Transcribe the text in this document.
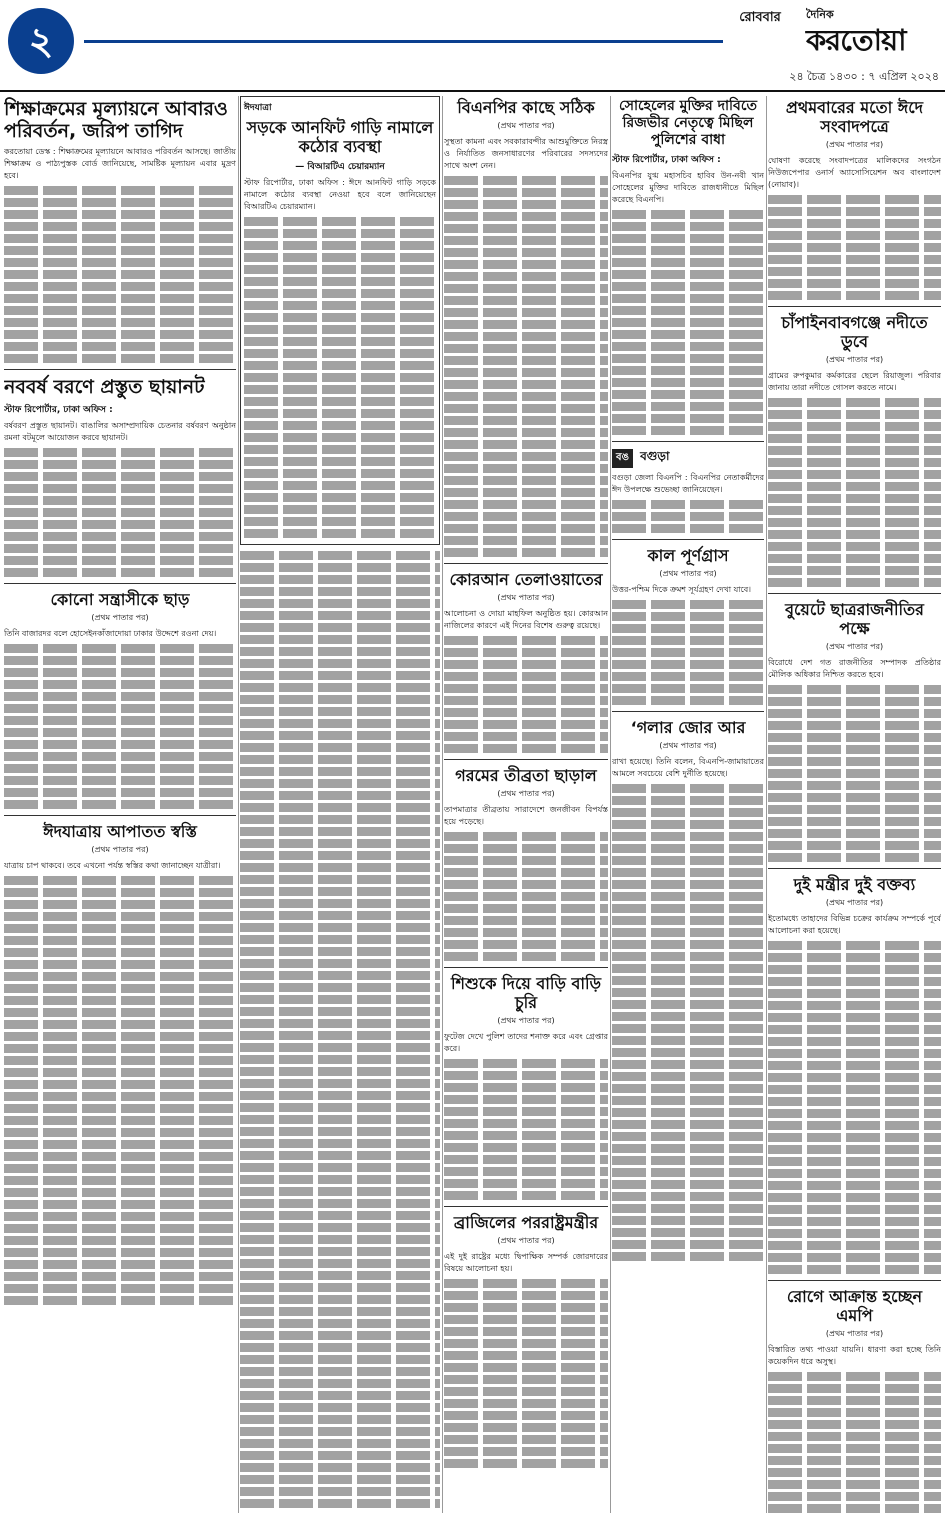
২
রোববার	দৈনিক
করতোয়া
২৪ চৈত্র ১৪৩০ : ৭ এপ্রিল ২০২৪
শিক্ষাক্রমের মূল্যায়নে আবারও পরিবর্তন, জরিপ তাগিদ

করতোয়া ডেস্ক : শিক্ষাক্রমের মূল্যায়নে আবারও পরিবর্তন আসছে। জাতীয় শিক্ষাক্রম ও পাঠ্যপুস্তক বোর্ড জানিয়েছে, সামষ্টিক মূল্যায়ন এবার মুদ্রণ হবে।

নববর্ষ বরণে প্রস্তুত ছায়ানট
স্টাফ রিপোর্টার, ঢাকা অফিস :

বর্ষবরণ প্রস্তুত ছায়ানট। বাঙালির অসাম্প্রদায়িক চেতনার বর্ষবরণ অনুষ্ঠান রমনা বটমূলে আয়োজন করবে ছায়ানট।

কোনো সন্ত্রাসীকে ছাড়
(প্রথম পাতার পর)

তিনি বাজারদর বলে হোসেইনকাঁজাদোয়া ঢাকার উদ্দেশে রওনা দেয়।

ঈদযাত্রায় আপাতত স্বস্তি
(প্রথম পাতার পর)

যাত্রায় চাপ থাকবে। তবে এখনো পর্যন্ত স্বস্তির কথা জানাচ্ছেন যাত্রীরা।

ঈদযাত্রা
সড়কে আনফিট গাড়ি নামালে কঠোর ব্যবস্থা
— বিআরটিএ চেয়ারম্যান

স্টাফ রিপোর্টার, ঢাকা অফিস : ঈদে আনফিট গাড়ি সড়কে নামালে কঠোর ব্যবস্থা নেওয়া হবে বলে জানিয়েছেন বিআরটিএ চেয়ারম্যান।

বিএনপির কাছে সঠিক
(প্রথম পাতার পর)

সুস্থতা কামনা এবং সবকারাবন্দীর আশুমুক্তিতে নিরস্ত্র ও নির্যাতিত জনসাধারণের পরিবারের সদস্যদের সাথে অংশ নেন।

কোরআন তেলাওয়াতের
(প্রথম পাতার পর)

আলোচনা ও দোয়া মাহফিল অনুষ্ঠিত হয়। কোরআন নাজিলের কারণে এই দিনের বিশেষ গুরুত্ব রয়েছে।

গরমের তীব্রতা ছাড়াল
(প্রথম পাতার পর)

তাপমাত্রার তীব্রতায় সারাদেশে জনজীবন বিপর্যস্ত হয়ে পড়েছে।

শিশুকে দিয়ে বাড়ি বাড়ি চুরি
(প্রথম পাতার পর)

ফুটেজ দেখে পুলিশ তাদের শনাক্ত করে এবং গ্রেপ্তার করে।

ব্রাজিলের পররাষ্ট্রমন্ত্রীর
(প্রথম পাতার পর)

এই দুই রাষ্ট্রের মধ্যে দ্বিপাক্ষিক সম্পর্ক জোরদারের বিষয়ে আলোচনা হয়।

সোহেলের মুক্তির দাবিতে রিজভীর নেতৃত্বে মিছিল পুলিশের বাধা
স্টাফ রিপোর্টার, ঢাকা অফিস :

বিএনপির যুগ্ম মহাসচিব হাবিব উন-নবী খান সোহেলের মুক্তির দাবিতে রাজধানীতে মিছিল করেছে বিএনপি।

বঙ বগুড়া

বগুড়া জেলা বিএনপি : বিএনপির নেতাকর্মীদের ঈদ উপলক্ষে শুভেচ্ছা জানিয়েছেন।

কাল পূর্ণগ্রাস
(প্রথম পাতার পর)

উত্তর-পশ্চিম দিকে ক্রমশ সূর্যগ্রহণ দেখা যাবে।

‘গলার জোর আর
(প্রথম পাতার পর)

রাখা হয়েছে। তিনি বলেন, বিএনপি-জামায়াতের আমলে সবচেয়ে বেশি দুর্নীতি হয়েছে।

প্রথমবারের মতো ঈদে সংবাদপত্রে
(প্রথম পাতার পর)

ঘোষণা করেছে সংবাদপত্রের মালিকদের সংগঠন নিউজপেপার ওনার্স অ্যাসোসিয়েশন অব বাংলাদেশ (নোয়াব)।

চাঁপাইনবাবগঞ্জে নদীতে ডুবে
(প্রথম পাতার পর)

গ্রামের রুপকুমার কর্মকারের ছেলে রিয়াজুল। পরিবার জানায় তারা নদীতে গোসল করতে নামে।

বুয়েটে ছাত্ররাজনীতির পক্ষে
(প্রথম পাতার পর)

বিরোধে দেশ গত রাজনীতির সম্পাদক প্রতিষ্ঠার মৌলিক অধিকার নিশ্চিত করতে হবে।

দুই মন্ত্রীর দুই বক্তব্য
(প্রথম পাতার পর)

ইতোমধ্যে তাহাদের বিভিন্ন চক্রের কার্যক্রম সম্পর্কে পূর্বে আলোচনা করা হয়েছে।

রোগে আক্রান্ত হচ্ছেন এমপি
(প্রথম পাতার পর)

বিস্তারিত তথ্য পাওয়া যায়নি। ধারণা করা হচ্ছে তিনি কয়েকদিন ধরে অসুস্থ।
